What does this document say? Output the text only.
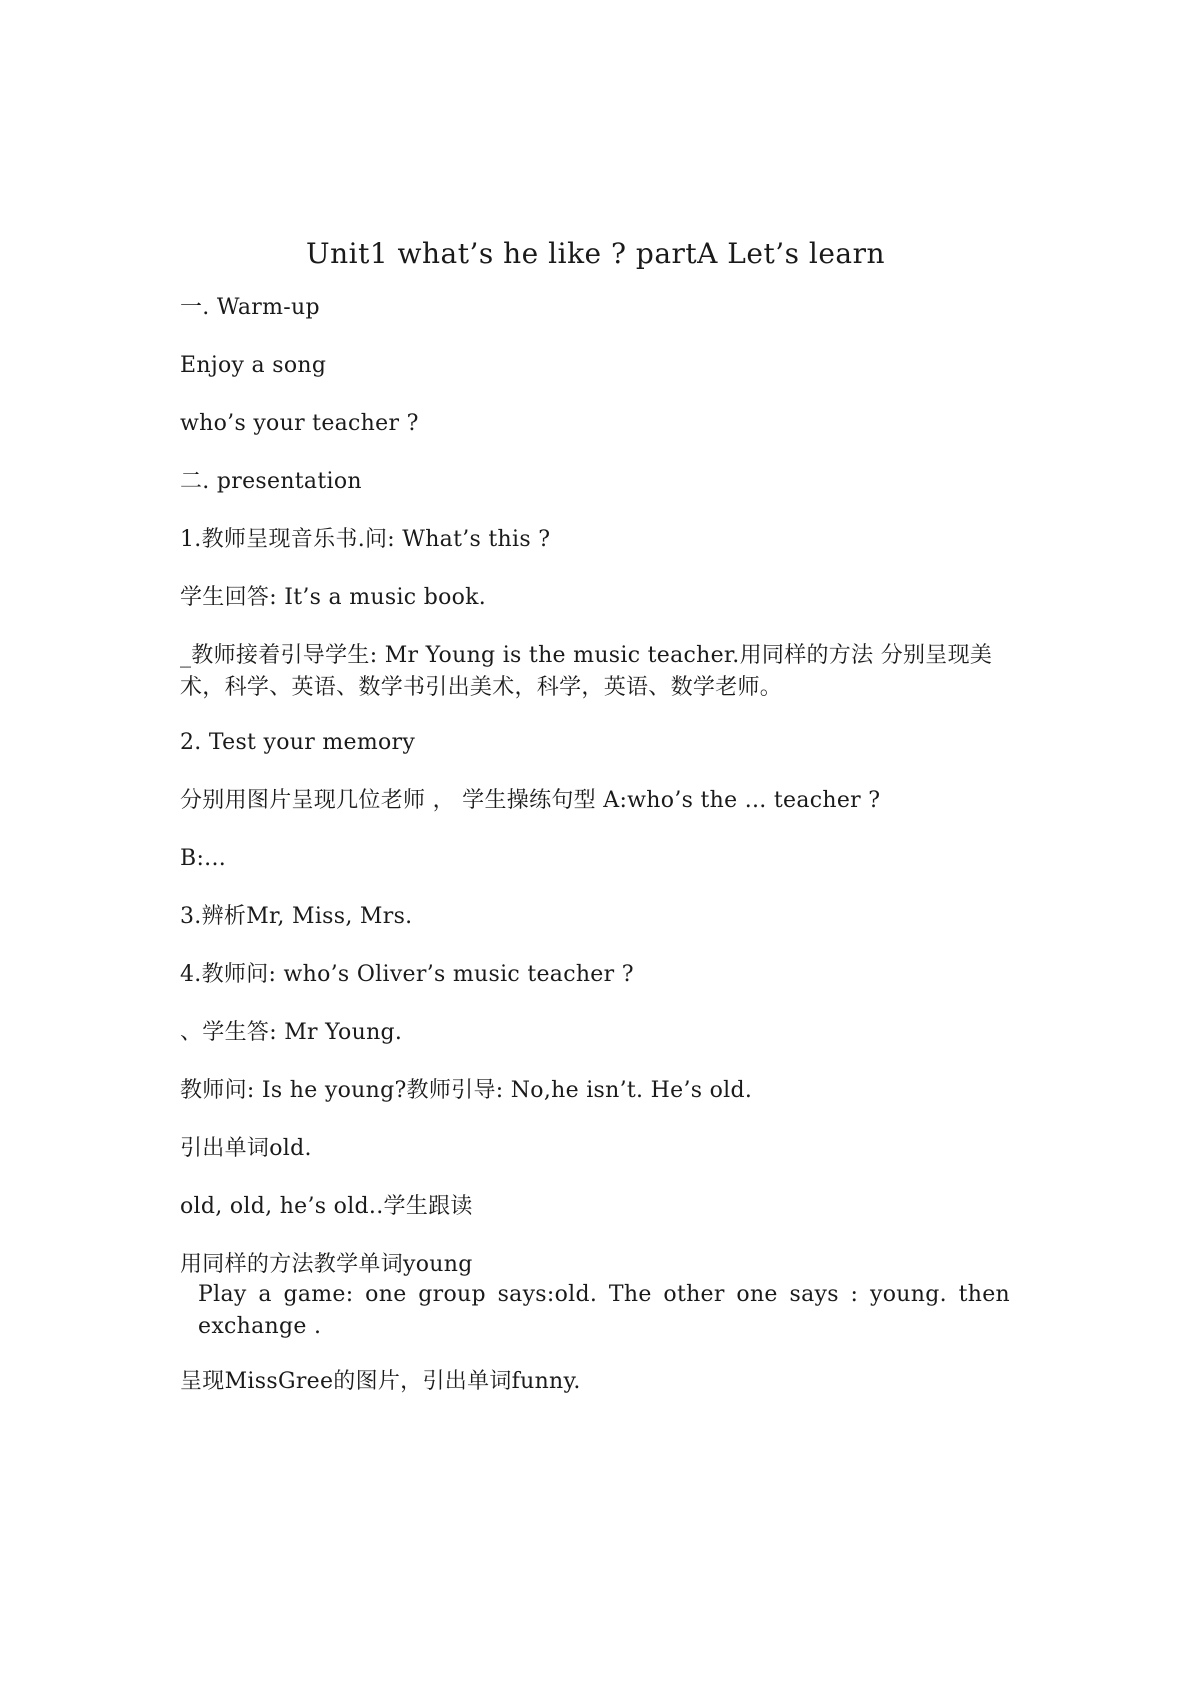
Unit1 what’s he like ? partA Let’s learn
一. Warm-up
Enjoy a song
who’s your teacher ?
二. presentation
1.教师呈现音乐书.问: What’s this ?
学生回答: It’s a music book.
_教师接着引导学生: Mr Young is the music teacher.用同样的方法 分别呈现美术，科学、英语、数学书引出美术，科学，英语、数学老师。
2. Test your memory
分别用图片呈现几位老师 ， 学生操练句型 A:who’s the ... teacher ?
B:...
3.辨析Mr, Miss, Mrs.
4.教师问: who’s Oliver’s music teacher ?
、学生答: Mr Young.
教师问: Is he young?教师引导: No,he isn’t. He’s old.
引出单词old.
old, old, he’s old..学生跟读
用同样的方法教学单词young
Play a game: one group says:old. The other one says : young. then exchange .
呈现MissGree的图片，引出单词funny.
